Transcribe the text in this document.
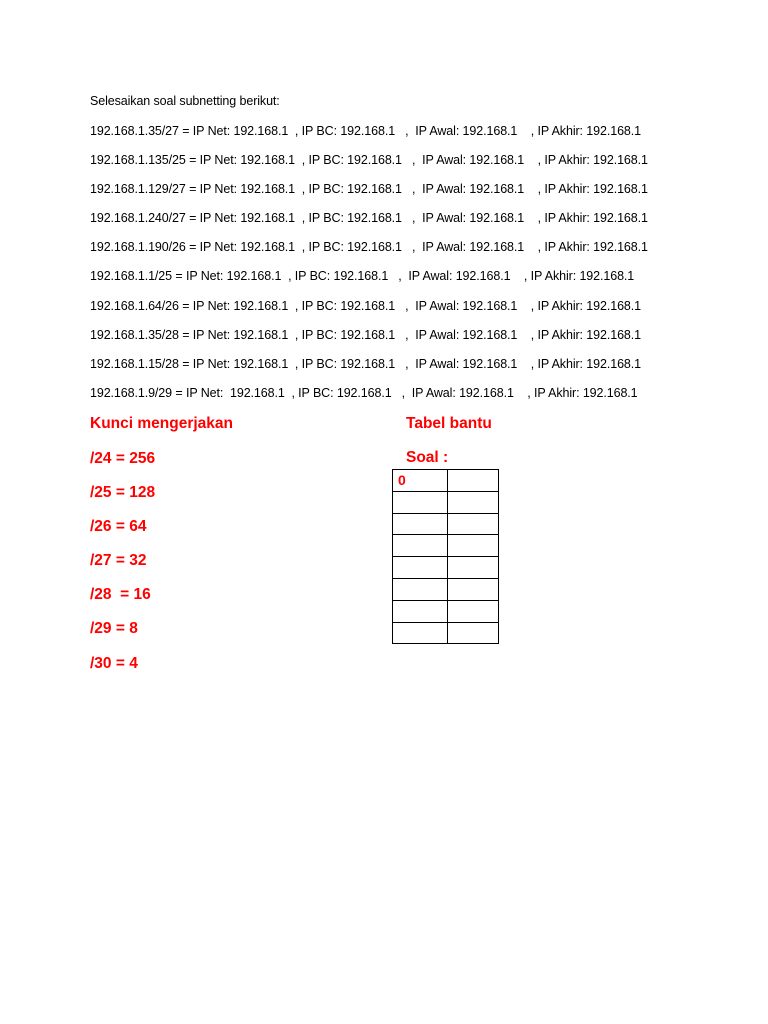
Selesaikan soal subnetting berikut:
192.168.1.35/27 = IP Net: 192.168.1  , IP BC: 192.168.1   ,  IP Awal: 192.168.1    , IP Akhir: 192.168.1
192.168.1.135/25 = IP Net: 192.168.1  , IP BC: 192.168.1   ,  IP Awal: 192.168.1    , IP Akhir: 192.168.1
192.168.1.129/27 = IP Net: 192.168.1  , IP BC: 192.168.1   ,  IP Awal: 192.168.1    , IP Akhir: 192.168.1
192.168.1.240/27 = IP Net: 192.168.1  , IP BC: 192.168.1   ,  IP Awal: 192.168.1    , IP Akhir: 192.168.1
192.168.1.190/26 = IP Net: 192.168.1  , IP BC: 192.168.1   ,  IP Awal: 192.168.1    , IP Akhir: 192.168.1
192.168.1.1/25 = IP Net: 192.168.1  , IP BC: 192.168.1   ,  IP Awal: 192.168.1    , IP Akhir: 192.168.1
192.168.1.64/26 = IP Net: 192.168.1  , IP BC: 192.168.1   ,  IP Awal: 192.168.1    , IP Akhir: 192.168.1
192.168.1.35/28 = IP Net: 192.168.1  , IP BC: 192.168.1   ,  IP Awal: 192.168.1    , IP Akhir: 192.168.1
192.168.1.15/28 = IP Net: 192.168.1  , IP BC: 192.168.1   ,  IP Awal: 192.168.1    , IP Akhir: 192.168.1
192.168.1.9/29 = IP Net:  192.168.1  , IP BC: 192.168.1   ,  IP Awal: 192.168.1    , IP Akhir: 192.168.1
Kunci mengerjakan
/24 = 256
/25 = 128
/26 = 64
/27 = 32
/28  = 16
/29 = 8
/30 = 4
Tabel bantu
Soal :
0	
